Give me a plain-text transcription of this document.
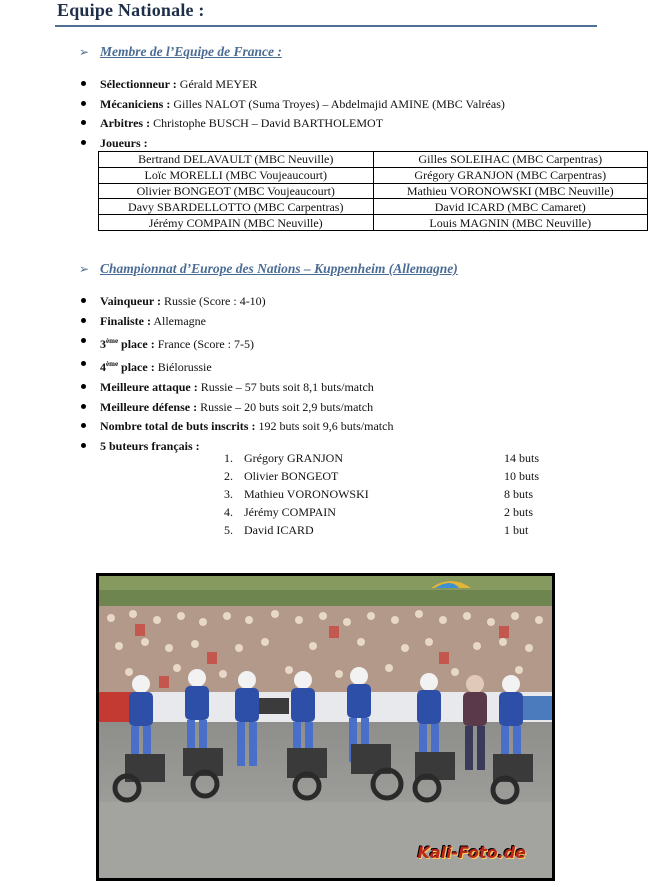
Equipe Nationale :
➢ Membre de l’Equipe de France :
Sélectionneur : Gérald MEYER
Mécaniciens : Gilles NALOT (Suma Troyes) – Abdelmajid AMINE (MBC Valréas)
Arbitres : Christophe BUSCH – David BARTHOLEMOT
Joueurs :
Bertrand DELAVAULT (MBC Neuville)	Gilles SOLEIHAC (MBC Carpentras)
Loïc MORELLI (MBC Voujeaucourt)	Grégory GRANJON (MBC Carpentras)
Olivier BONGEOT (MBC Voujeaucourt)	Mathieu VORONOWSKI (MBC Neuville)
Davy SBARDELLOTTO (MBC Carpentras)	David ICARD (MBC Camaret)
Jérémy COMPAIN (MBC Neuville)	Louis MAGNIN (MBC Neuville)
➢ Championnat d’Europe des Nations – Kuppenheim (Allemagne)
Vainqueur : Russie (Score : 4-10)
Finaliste : Allemagne
3ème place : France (Score : 7-5)
4ème place : Biélorussie
Meilleure attaque : Russie – 57 buts soit 8,1 buts/match
Meilleure défense : Russie – 20 buts soit 2,9 buts/match
Nombre total de buts inscrits : 192 buts soit 9,6 buts/match
5 buteurs français :
1. Grégory GRANJON	14 buts
2. Olivier BONGEOT	10 buts
3. Mathieu VORONOWSKI	8 buts
4. Jérémy COMPAIN	2 buts
5. David ICARD	1 but
Kali-Foto.de
